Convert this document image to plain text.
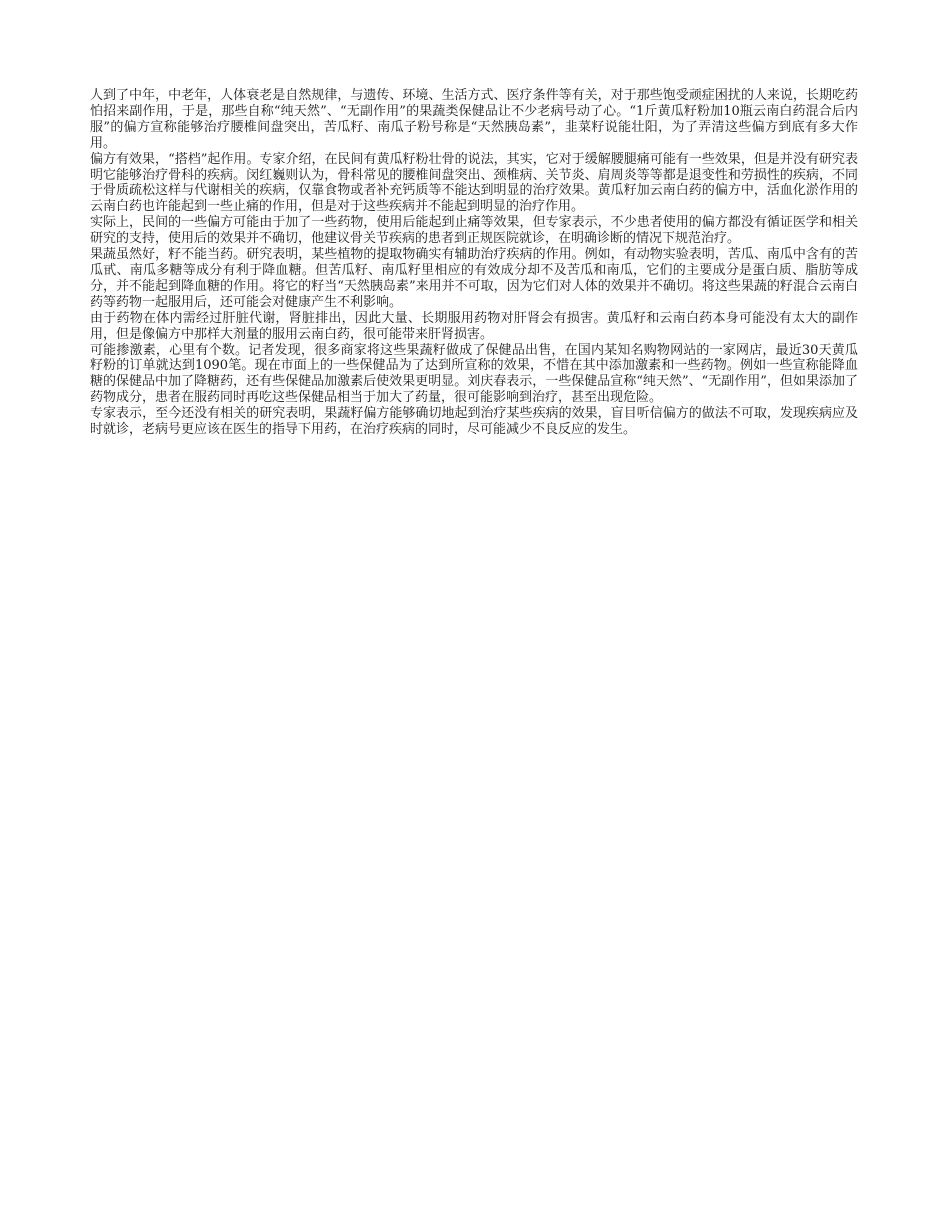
人到了中年，中老年，人体衰老是自然规律，与遗传、环境、生活方式、医疗条件等有关，对于那些饱受顽症困扰的人来说，长期吃药怕招来副作用，于是，那些自称“纯天然”、“无副作用”的果蔬类保健品让不少老病号动了心。“1斤黄瓜籽粉加10瓶云南白药混合后内服”的偏方宣称能够治疗腰椎间盘突出，苦瓜籽、南瓜子粉号称是“天然胰岛素”，韭菜籽说能壮阳，为了弄清这些偏方到底有多大作用。

偏方有效果，“搭档”起作用。专家介绍，在民间有黄瓜籽粉壮骨的说法，其实，它对于缓解腰腿痛可能有一些效果，但是并没有研究表明它能够治疗骨科的疾病。闵红巍则认为，骨科常见的腰椎间盘突出、颈椎病、关节炎、肩周炎等等都是退变性和劳损性的疾病，不同于骨质疏松这样与代谢相关的疾病，仅靠食物或者补充钙质等不能达到明显的治疗效果。黄瓜籽加云南白药的偏方中，活血化淤作用的云南白药也许能起到一些止痛的作用，但是对于这些疾病并不能起到明显的治疗作用。

实际上，民间的一些偏方可能由于加了一些药物，使用后能起到止痛等效果，但专家表示，不少患者使用的偏方都没有循证医学和相关研究的支持，使用后的效果并不确切，他建议骨关节疾病的患者到正规医院就诊，在明确诊断的情况下规范治疗。

果蔬虽然好，籽不能当药。研究表明，某些植物的提取物确实有辅助治疗疾病的作用。例如，有动物实验表明，苦瓜、南瓜中含有的苦瓜甙、南瓜多糖等成分有利于降血糖。但苦瓜籽、南瓜籽里相应的有效成分却不及苦瓜和南瓜，它们的主要成分是蛋白质、脂肪等成分，并不能起到降血糖的作用。将它的籽当“天然胰岛素”来用并不可取，因为它们对人体的效果并不确切。将这些果蔬的籽混合云南白药等药物一起服用后，还可能会对健康产生不利影响。

由于药物在体内需经过肝脏代谢，肾脏排出，因此大量、长期服用药物对肝肾会有损害。黄瓜籽和云南白药本身可能没有太大的副作用，但是像偏方中那样大剂量的服用云南白药，很可能带来肝肾损害。

可能掺激素，心里有个数。记者发现，很多商家将这些果蔬籽做成了保健品出售，在国内某知名购物网站的一家网店，最近30天黄瓜籽粉的订单就达到1090笔。现在市面上的一些保健品为了达到所宣称的效果，不惜在其中添加激素和一些药物。例如一些宣称能降血糖的保健品中加了降糖药，还有些保健品加激素后使效果更明显。刘庆春表示，一些保健品宣称“纯天然”、“无副作用”，但如果添加了药物成分，患者在服药同时再吃这些保健品相当于加大了药量，很可能影响到治疗，甚至出现危险。

专家表示，至今还没有相关的研究表明，果蔬籽偏方能够确切地起到治疗某些疾病的效果，盲目听信偏方的做法不可取，发现疾病应及时就诊，老病号更应该在医生的指导下用药，在治疗疾病的同时，尽可能减少不良反应的发生。
